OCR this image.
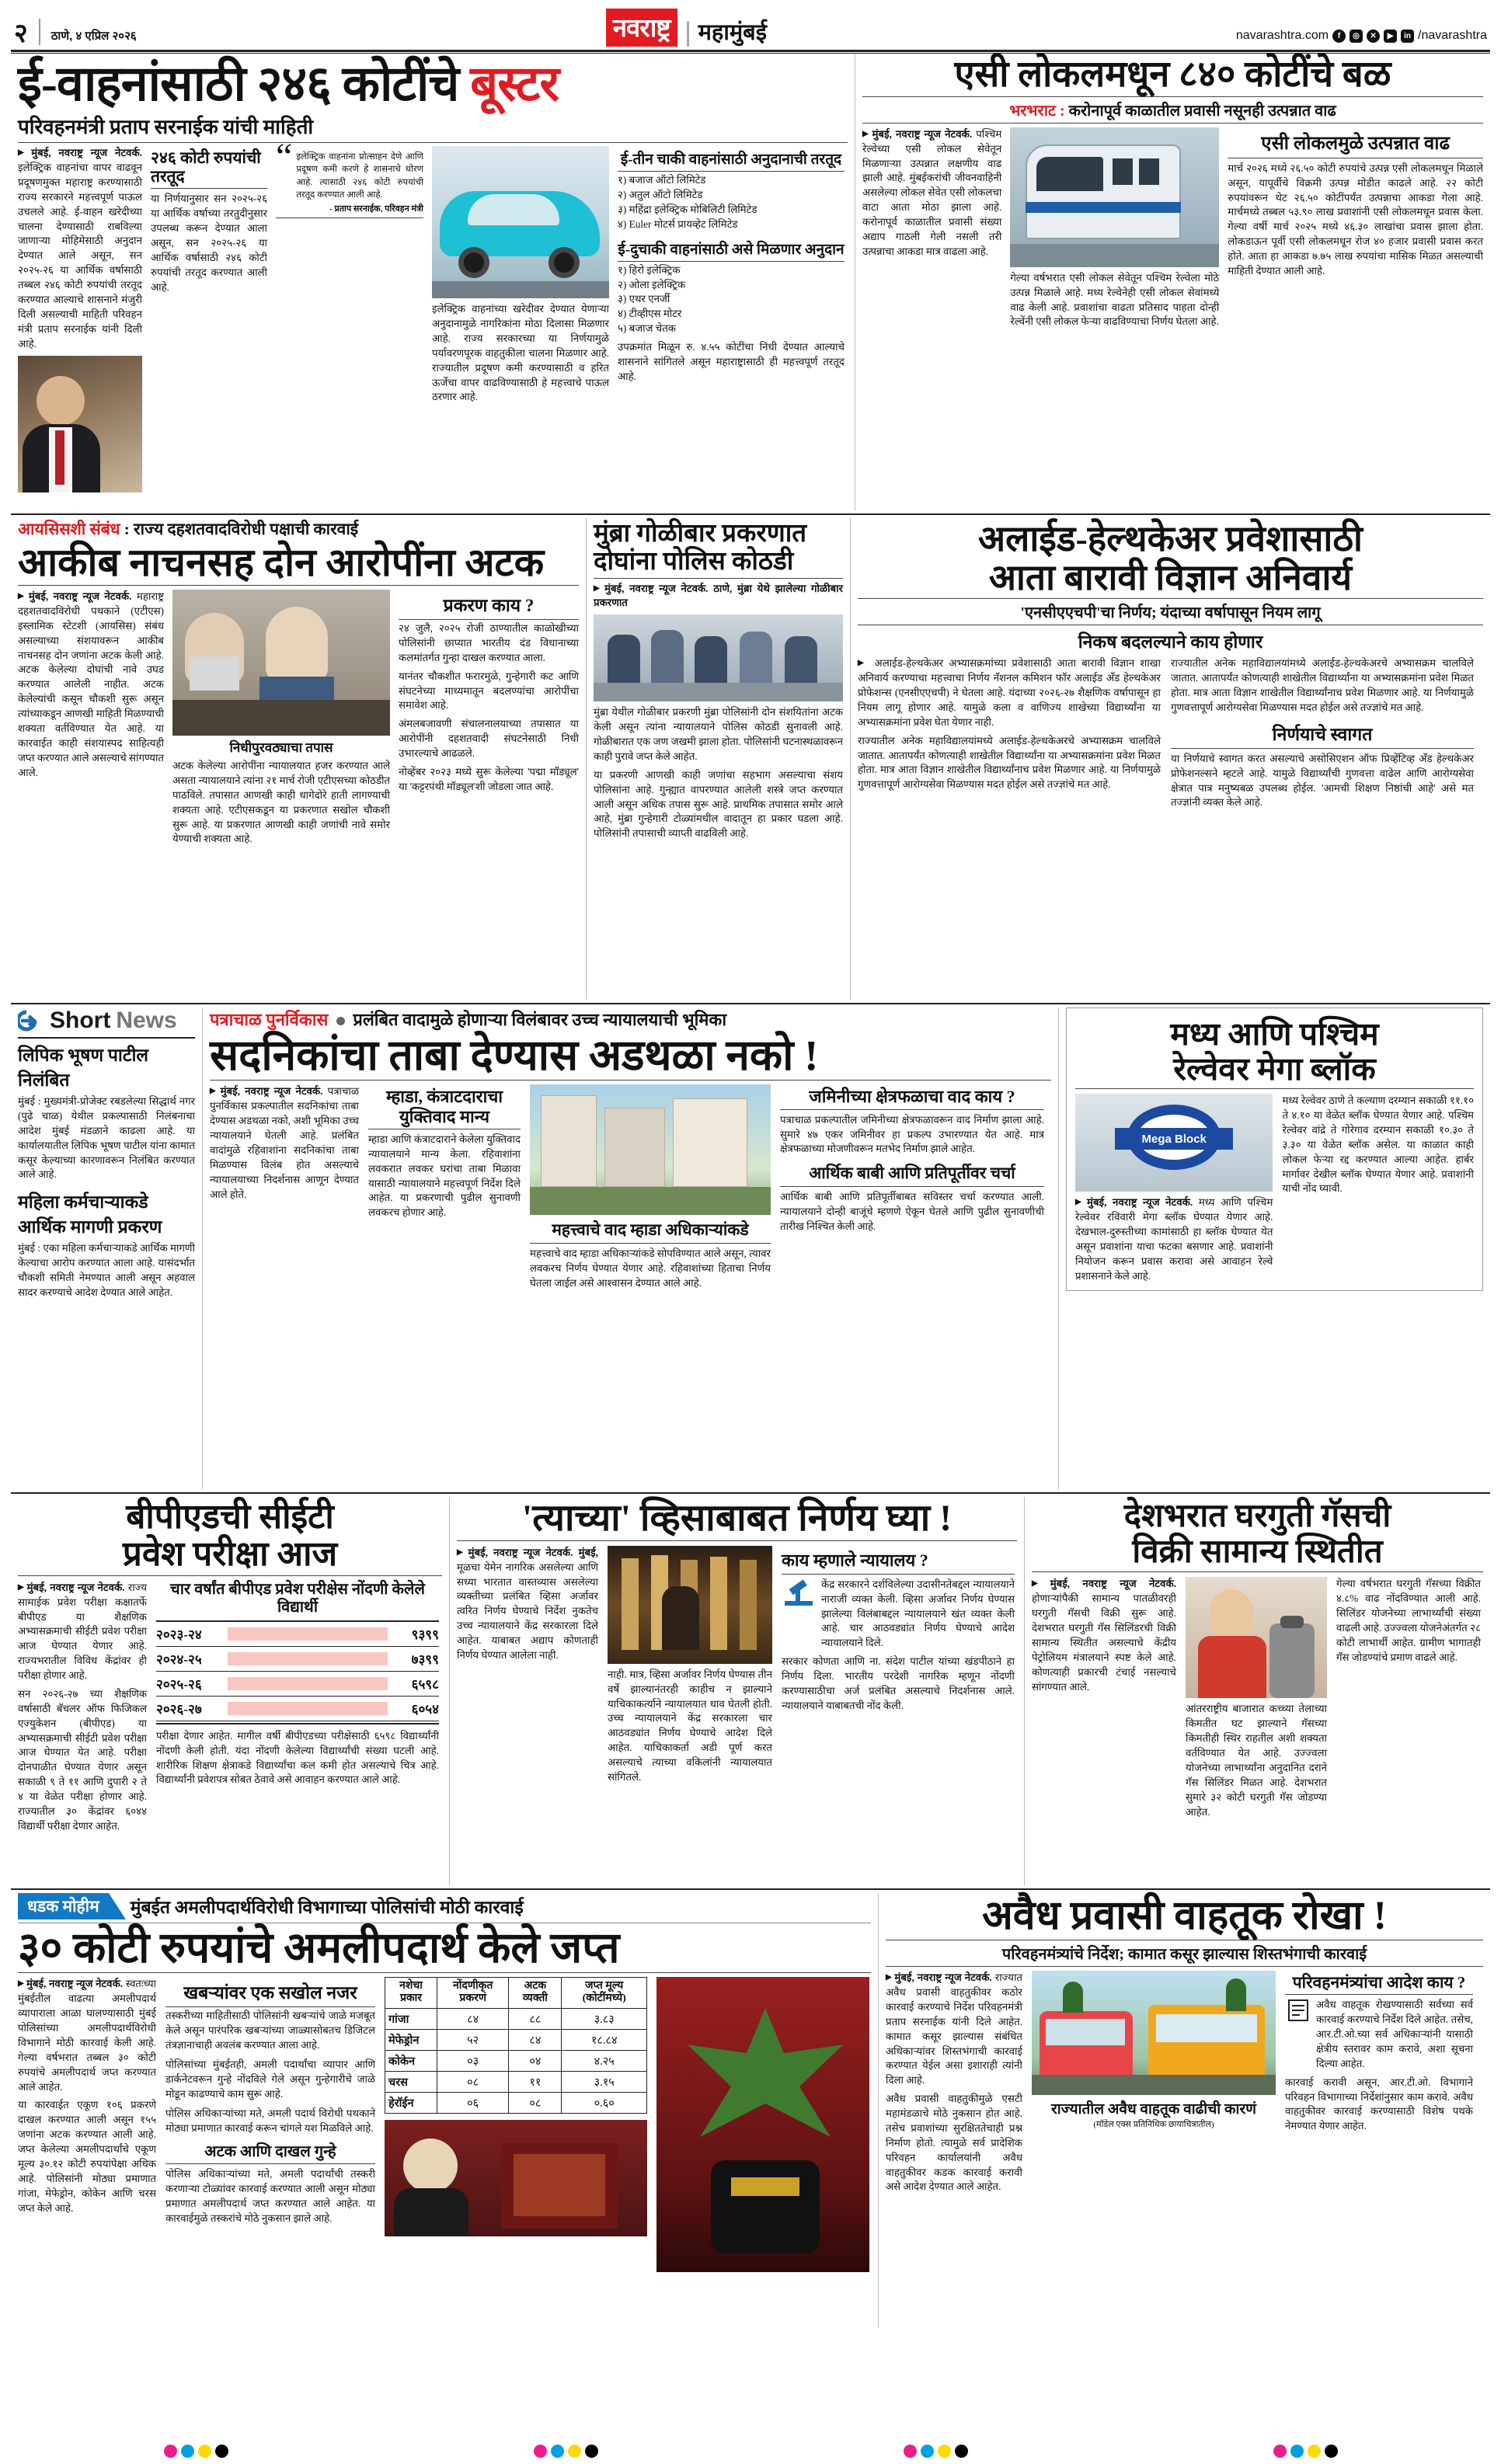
२ ठाणे, ४ एप्रिल २०२६	नवराष्ट्र	महामुंबई	navarashtra.com	f	◎	✕	▶	in /navarashtra
ई-वाहनांसाठी २४६ कोटींचे बूस्टर
परिवहनमंत्री प्रताप सरनाईक यांची माहिती

▶ मुंबई, नवराष्ट्र न्यूज नेटवर्क. इलेक्ट्रिक वाहनांचा वापर वाढवून प्रदूषणमुक्त महाराष्ट्र करण्यासाठी राज्य सरकारने महत्त्वपूर्ण पाऊल उचलले आहे. ई-वाहन खरेदीच्या चालना देण्यासाठी राबविल्या जाणाऱ्या मोहिमेसाठी अनुदान देण्यात आले असून, सन २०२५-२६ या आर्थिक वर्षासाठी तब्बल २४६ कोटी रुपयांची तरतूद करण्यात आल्याचे शासनाने मंजुरी दिली असल्याची माहिती परिवहन मंत्री प्रताप सरनाईक यांनी दिली आहे.

२४६ कोटी रुपयांची तरतूद

या निर्णयानुसार सन २०२५-२६ या आर्थिक वर्षाच्या तरतुदीनुसार उपलब्ध करून देण्यात आला असून, सन २०२५-२६ या आर्थिक वर्षासाठी २४६ कोटी रुपयांची तरतूद करण्यात आली आहे.

“ इलेक्ट्रिक वाहनांना प्रोत्साहन देणे आणि प्रदूषण कमी करणे हे शासनाचे धोरण आहे. त्यासाठी २४६ कोटी रुपयांची तरतूद करण्यात आली आहे.

- प्रताप सरनाईक, परिवहन मंत्री

इलेक्ट्रिक वाहनांच्या खरेदीवर देण्यात येणाऱ्या अनुदानामुळे नागरिकांना मोठा दिलासा मिळणार आहे. राज्य सरकारच्या या निर्णयामुळे पर्यावरणपूरक वाहतुकीला चालना मिळणार आहे. राज्यातील प्रदूषण कमी करण्यासाठी व हरित ऊर्जेचा वापर वाढविण्यासाठी हे महत्त्वाचे पाऊल ठरणार आहे.

ई-तीन चाकी वाहनांसाठी अनुदानाची तरतूद
१) बजाज ऑटो लिमिटेड
२) अतुल ऑटो लिमिटेड
३) महिंद्रा इलेक्ट्रिक मोबिलिटी लिमिटेड
४) Euler मोटर्स प्रायव्हेट लिमिटेड
ई-दुचाकी वाहनांसाठी असे मिळणार अनुदान
१) हिरो इलेक्ट्रिक
२) ओला इलेक्ट्रिक
३) एथर एनर्जी
४) टीव्हीएस मोटर
५) बजाज चेतक

उपक्रमांत मिळून रु. ४.५५ कोटींचा निधी देण्यात आल्याचे शासनाने सांगितले असून महाराष्ट्रासाठी ही महत्त्वपूर्ण तरतूद आहे.

एसी लोकलमधून ८४० कोटींचे बळ
भरभराट : करोनापूर्व काळातील प्रवासी नसूनही उत्पन्नात वाढ

▶ मुंबई, नवराष्ट्र न्यूज नेटवर्क. पश्चिम रेल्वेच्या एसी लोकल सेवेतून मिळणाऱ्या उत्पन्नात लक्षणीय वाढ झाली आहे. मुंबईकरांची जीवनवाहिनी असलेल्या लोकल सेवेत एसी लोकलचा वाटा आता मोठा झाला आहे. करोनापूर्व काळातील प्रवासी संख्या अद्याप गाठली गेली नसली तरी उत्पन्नाचा आकडा मात्र वाढला आहे.

गेल्या वर्षभरात एसी लोकल सेवेतून पश्चिम रेल्वेला मोठे उत्पन्न मिळाले आहे. मध्य रेल्वेनेही एसी लोकल सेवांमध्ये वाढ केली आहे. प्रवाशांचा वाढता प्रतिसाद पाहता दोन्ही रेल्वेंनी एसी लोकल फेऱ्या वाढविण्याचा निर्णय घेतला आहे.

एसी लोकलमुळे उत्पन्नात वाढ

मार्च २०२६ मध्ये २६.५० कोटी रुपयांचे उत्पन्न एसी लोकलमधून मिळाले असून, यापूर्वीचे विक्रमी उत्पन्न मोडीत काढले आहे. २२ कोटी रुपयांवरून थेट २६.५० कोटींपर्यंत उत्पन्नाचा आकडा गेला आहे. मार्चमध्ये तब्बल ५३.९० लाख प्रवाशांनी एसी लोकलमधून प्रवास केला. गेल्या वर्षी मार्च २०२५ मध्ये ४६.३० लाखांचा प्रवास झाला होता. लोकडाऊन पूर्वी एसी लोकलमधून रोज ४० हजार प्रवासी प्रवास करत होते. आता हा आकडा ७.७५ लाख रुपयांचा मासिक मिळत असल्याची माहिती देण्यात आली आहे.

आयसिसशी संबंध : राज्य दहशतवादविरोधी पक्षाची कारवाई
आकीब नाचनसह दोन आरोपींना अटक

▶ मुंबई, नवराष्ट्र न्यूज नेटवर्क. महाराष्ट्र दहशतवादविरोधी पथकाने (एटीएस) इस्लामिक स्टेटशी (आयसिस) संबंध असल्याच्या संशयावरून आकीब नाचनसह दोन जणांना अटक केली आहे. अटक केलेल्या दोघांची नावे उघड करण्यात आलेली नाहीत. अटक केलेल्यांची कसून चौकशी सुरू असून त्यांच्याकडून आणखी माहिती मिळण्याची शक्यता वर्तविण्यात येत आहे. या कारवाईत काही संशयास्पद साहित्यही जप्त करण्यात आले असल्याचे सांगण्यात आले.

निधीपुरवठ्याचा तपास

अटक केलेल्या आरोपींना न्यायालयात हजर करण्यात आले असता न्यायालयाने त्यांना २१ मार्च रोजी एटीएसच्या कोठडीत पाठविले. तपासात आणखी काही धागेदोरे हाती लागण्याची शक्यता आहे. एटीएसकडून या प्रकरणात सखोल चौकशी सुरू आहे. या प्रकरणात आणखी काही जणांची नावे समोर येण्याची शक्यता आहे.

प्रकरण काय ?
२४ जुलै, २०२५ रोजी ठाण्यातील काळोखीच्या पोलिसांनी छाप्यात भारतीय दंड विधानाच्या कलमांतर्गत गुन्हा दाखल करण्यात आला.
यानंतर चौकशीत फरारमुळे, गुन्हेगारी कट आणि संघटनेच्या माध्यमातून बदलण्यांचा आरोपींचा समावेश आहे.
अंमलबजावणी संचालनालयाच्या तपासात या आरोपींनी दहशतवादी संघटनेसाठी निधी उभारल्याचे आढळले.
नोव्हेंबर २०२३ मध्ये सुरू केलेल्या 'पद्मा मॉड्यूल' या 'कट्टरपंथी मॉड्यूल'शी जोडला जात आहे.
मुंब्रा गोळीबार प्रकरणात
दोघांना पोलिस कोठडी

▶ मुंबई, नवराष्ट्र न्यूज नेटवर्क. ठाणे, मुंब्रा येथे झालेल्या गोळीबार प्रकरणात

मुंब्रा येथील गोळीबार प्रकरणी मुंब्रा पोलिसांनी दोन संशयितांना अटक केली असून त्यांना न्यायालयाने पोलिस कोठडी सुनावली आहे. गोळीबारात एक जण जखमी झाला होता. पोलिसांनी घटनास्थळावरून काही पुरावे जप्त केले आहेत.

या प्रकरणी आणखी काही जणांचा सहभाग असल्याचा संशय पोलिसांना आहे. गुन्ह्यात वापरण्यात आलेली शस्त्रे जप्त करण्यात आली असून अधिक तपास सुरू आहे. प्राथमिक तपासात समोर आले आहे, मुंब्रा गुन्हेगारी टोळ्यांमधील वादातून हा प्रकार घडला आहे. पोलिसांनी तपासाची व्याप्ती वाढविली आहे.

अलाईड-हेल्थकेअर प्रवेशासाठी
आता बारावी विज्ञान अनिवार्य
'एनसीएएचपी'चा निर्णय; यंदाच्या वर्षापासून नियम लागू
निकष बदलल्याने काय होणार

▶ अलाईड-हेल्थकेअर अभ्यासक्रमांच्या प्रवेशासाठी आता बारावी विज्ञान शाखा अनिवार्य करण्याचा महत्त्वाचा निर्णय नॅशनल कमिशन फॉर अलाईड अँड हेल्थकेअर प्रोफेशन्स (एनसीएएचपी) ने घेतला आहे. यंदाच्या २०२६-२७ शैक्षणिक वर्षापासून हा नियम लागू होणार आहे. यामुळे कला व वाणिज्य शाखेच्या विद्यार्थ्यांना या अभ्यासक्रमांना प्रवेश घेता येणार नाही.

राज्यातील अनेक महाविद्यालयांमध्ये अलाईड-हेल्थकेअरचे अभ्यासक्रम चालविले जातात. आतापर्यंत कोणत्याही शाखेतील विद्यार्थ्यांना या अभ्यासक्रमांना प्रवेश मिळत होता. मात्र आता विज्ञान शाखेतील विद्यार्थ्यांनाच प्रवेश मिळणार आहे. या निर्णयामुळे गुणवत्तापूर्ण आरोग्यसेवा मिळण्यास मदत होईल असे तज्ज्ञांचे मत आहे.

राज्यातील अनेक महाविद्यालयांमध्ये अलाईड-हेल्थकेअरचे अभ्यासक्रम चालविले जातात. आतापर्यंत कोणत्याही शाखेतील विद्यार्थ्यांना या अभ्यासक्रमांना प्रवेश मिळत होता. मात्र आता विज्ञान शाखेतील विद्यार्थ्यांनाच प्रवेश मिळणार आहे. या निर्णयामुळे गुणवत्तापूर्ण आरोग्यसेवा मिळण्यास मदत होईल असे तज्ज्ञांचे मत आहे.

निर्णयाचे स्वागत

या निर्णयाचे स्वागत करत असल्याचे असोसिएशन ऑफ प्रिव्हेंटिव्ह अँड हेल्थकेअर प्रोफेशनल्सने म्हटले आहे. यामुळे विद्यार्थ्यांची गुणवत्ता वाढेल आणि आरोग्यसेवा क्षेत्रात पात्र मनुष्यबळ उपलब्ध होईल. 'आमची शिक्षण निष्ठांची आहे' असे मत तज्ज्ञांनी व्यक्त केले आहे.

Short News
लिपिक भूषण पाटील निलंबित

मुंबई : मुख्यमंत्री-प्रोजेक्ट रबडलेल्या सिद्धार्थ नगर (पुढे चाळ) येथील प्रकल्पासाठी निलंबनाचा आदेश मुंबई मंडळाने काढला आहे. या कार्यालयातील लिपिक भूषण पाटील यांना कामात कसूर केल्याच्या कारणावरून निलंबित करण्यात आले आहे.

महिला कर्मचाऱ्याकडे आर्थिक मागणी प्रकरण

मुंबई : एका महिला कर्मचाऱ्याकडे आर्थिक मागणी केल्याचा आरोप करण्यात आला आहे. यासंदर्भात चौकशी समिती नेमण्यात आली असून अहवाल सादर करण्याचे आदेश देण्यात आले आहेत.

पत्राचाळ पुनर्विकास प्रलंबित वादामुळे होणाऱ्या विलंबावर उच्च न्यायालयाची भूमिका
सदनिकांचा ताबा देण्यास अडथळा नको !

▶ मुंबई, नवराष्ट्र न्यूज नेटवर्क. पत्राचाळ पुनर्विकास प्रकल्पातील सदनिकांचा ताबा देण्यास अडथळा नको, अशी भूमिका उच्च न्यायालयाने घेतली आहे. प्रलंबित वादांमुळे रहिवाशांना सदनिकांचा ताबा मिळण्यास विलंब होत असल्याचे न्यायालयाच्या निदर्शनास आणून देण्यात आले होते.

म्हाडा, कंत्राटदाराचा युक्तिवाद मान्य

म्हाडा आणि कंत्राटदाराने केलेला युक्तिवाद न्यायालयाने मान्य केला. रहिवाशांना लवकरात लवकर घरांचा ताबा मिळावा यासाठी न्यायालयाने महत्त्वपूर्ण निर्देश दिले आहेत. या प्रकरणाची पुढील सुनावणी लवकरच होणार आहे.

महत्त्वाचे वाद म्हाडा अधिकाऱ्यांकडे

महत्त्वाचे वाद म्हाडा अधिकाऱ्यांकडे सोपविण्यात आले असून, त्यावर लवकरच निर्णय घेण्यात येणार आहे. रहिवाशांच्या हिताचा निर्णय घेतला जाईल असे आश्वासन देण्यात आले आहे.

जमिनीच्या क्षेत्रफळाचा वाद काय ?

पत्राचाळ प्रकल्पातील जमिनीच्या क्षेत्रफळावरून वाद निर्माण झाला आहे. सुमारे ४७ एकर जमिनीवर हा प्रकल्प उभारण्यात येत आहे. मात्र क्षेत्रफळाच्या मोजणीवरून मतभेद निर्माण झाले आहेत.

आर्थिक बाबी आणि प्रतिपूर्तीवर चर्चा

आर्थिक बाबी आणि प्रतिपूर्तीबाबत सविस्तर चर्चा करण्यात आली. न्यायालयाने दोन्ही बाजूंचे म्हणणे ऐकून घेतले आणि पुढील सुनावणीची तारीख निश्चित केली आहे.

मध्य आणि पश्चिम
रेल्वेवर मेगा ब्लॉक
Mega Block

▶ मुंबई, नवराष्ट्र न्यूज नेटवर्क. मध्य आणि पश्चिम रेल्वेवर रविवारी मेगा ब्लॉक घेण्यात येणार आहे. देखभाल-दुरुस्तीच्या कामांसाठी हा ब्लॉक घेण्यात येत असून प्रवाशांना याचा फटका बसणार आहे. प्रवाशांनी नियोजन करून प्रवास करावा असे आवाहन रेल्वे प्रशासनाने केले आहे.

मध्य रेल्वेवर ठाणे ते कल्याण दरम्यान सकाळी ११.१० ते ४.१० या वेळेत ब्लॉक घेण्यात येणार आहे. पश्चिम रेल्वेवर वांद्रे ते गोरेगाव दरम्यान सकाळी १०.३० ते ३.३० या वेळेत ब्लॉक असेल. या काळात काही लोकल फेऱ्या रद्द करण्यात आल्या आहेत. हार्बर मार्गावर देखील ब्लॉक घेण्यात येणार आहे. प्रवाशांनी याची नोंद घ्यावी.

बीपीएडची सीईटी
प्रवेश परीक्षा आज

▶ मुंबई, नवराष्ट्र न्यूज नेटवर्क. राज्य सामाईक प्रवेश परीक्षा कक्षातर्फे बीपीएड या शैक्षणिक अभ्यासक्रमाची सीईटी प्रवेश परीक्षा आज घेण्यात येणार आहे. राज्यभरातील विविध केंद्रांवर ही परीक्षा होणार आहे.

सन २०२६-२७ च्या शैक्षणिक वर्षासाठी बॅचलर ऑफ फिजिकल एज्युकेशन (बीपीएड) या अभ्यासक्रमाची सीईटी प्रवेश परीक्षा आज घेण्यात येत आहे. परीक्षा दोनपाळीत घेण्यात येणार असून सकाळी ९ ते ११ आणि दुपारी २ ते ४ या वेळेत परीक्षा होणार आहे. राज्यातील ३० केंद्रांवर ६०४४ विद्यार्थी परीक्षा देणार आहेत.

चार वर्षांत बीपीएड प्रवेश परीक्षेस नोंदणी केलेले विद्यार्थी
२०२३-२४	९३९९
२०२४-२५	७३९९
२०२५-२६	६५९८
२०२६-२७	६०५४

परीक्षा देणार आहेत. मागील वर्षी बीपीएडच्या परीक्षेसाठी ६५९८ विद्यार्थ्यांनी नोंदणी केली होती. यंदा नोंदणी केलेल्या विद्यार्थ्यांची संख्या घटली आहे. शारीरिक शिक्षण क्षेत्राकडे विद्यार्थ्यांचा कल कमी होत असल्याचे चित्र आहे. विद्यार्थ्यांनी प्रवेशपत्र सोबत ठेवावे असे आवाहन करण्यात आले आहे.

'त्याच्या' व्हिसाबाबत निर्णय घ्या !

▶ मुंबई, नवराष्ट्र न्यूज नेटवर्क. मुंबई, मूळचा येमेन नागरिक असलेल्या आणि सध्या भारतात वास्तव्यास असलेल्या व्यक्तीच्या प्रलंबित व्हिसा अर्जावर त्वरित निर्णय घेण्याचे निर्देश नुकतेच उच्च न्यायालयाने केंद्र सरकारला दिले आहेत. याबाबत अद्याप कोणताही निर्णय घेण्यात आलेला नाही.

नाही. मात्र, व्हिसा अर्जावर निर्णय घेण्यास तीन वर्षे झाल्यानंतरही काहीच न झाल्याने याचिकाकर्त्याने न्यायालयात धाव घेतली होती. उच्च न्यायालयाने केंद्र सरकारला चार आठवड्यांत निर्णय घेण्याचे आदेश दिले आहेत. याचिकाकर्ता अडी पूर्ण करत असल्याचे त्याच्या वकिलांनी न्यायालयात सांगितले.

काय म्हणाले न्यायालय ?

केंद्र सरकारने दर्शविलेल्या उदासीनतेबद्दल न्यायालयाने नाराजी व्यक्त केली. व्हिसा अर्जावर निर्णय घेण्यास झालेल्या विलंबाबद्दल न्यायालयाने खंत व्यक्त केली आहे. चार आठवड्यांत निर्णय घेण्याचे आदेश न्यायालयाने दिले.

सरकार कोणता आणि ना. संदेश पाटील यांच्या खंडपीठाने हा निर्णय दिला. भारतीय परदेशी नागरिक म्हणून नोंदणी करण्यासाठीचा अर्ज प्रलंबित असल्याचे निदर्शनास आले. न्यायालयाने याबाबतची नोंद केली.

देशभरात घरगुती गॅसची
विक्री सामान्य स्थितीत

▶ मुंबई, नवराष्ट्र न्यूज नेटवर्क. होणाऱ्यांपैकी सामान्य पातळीवरही घरगुती गॅसची विक्री सुरू आहे. देशभरात घरगुती गॅस सिलिंडरची विक्री सामान्य स्थितीत असल्याचे केंद्रीय पेट्रोलियम मंत्रालयाने स्पष्ट केले आहे. कोणत्याही प्रकारची टंचाई नसल्याचे सांगण्यात आले.

आंतरराष्ट्रीय बाजारात कच्च्या तेलाच्या किमतीत घट झाल्याने गॅसच्या किमतीही स्थिर राहतील अशी शक्यता वर्तविण्यात येत आहे. उज्ज्वला योजनेच्या लाभार्थ्यांना अनुदानित दराने गॅस सिलिंडर मिळत आहे. देशभरात सुमारे ३२ कोटी घरगुती गॅस जोडण्या आहेत.

गेल्या वर्षभरात घरगुती गॅसच्या विक्रीत ४.८% वाढ नोंदविण्यात आली आहे. सिलिंडर योजनेच्या लाभार्थ्यांची संख्या वाढली आहे. उज्ज्वला योजनेअंतर्गत २८ कोटी लाभार्थी आहेत. ग्रामीण भागातही गॅस जोडण्यांचे प्रमाण वाढले आहे.

धडक मोहीम	मुंबईत अमलीपदार्थविरोधी विभागाच्या पोलिसांची मोठी कारवाई
३० कोटी रुपयांचे अमलीपदार्थ केले जप्त

▶ मुंबई, नवराष्ट्र न्यूज नेटवर्क. स्वतःच्या मुंबईतील वाढत्या अमलीपदार्थ व्यापाराला आळा घालण्यासाठी मुंबई पोलिसांच्या अमलीपदार्थविरोधी विभागाने मोठी कारवाई केली आहे. गेल्या वर्षभरात तब्बल ३० कोटी रुपयांचे अमलीपदार्थ जप्त करण्यात आले आहेत.

या कारवाईत एकूण १०६ प्रकरणे दाखल करण्यात आली असून १५५ जणांना अटक करण्यात आली आहे. जप्त केलेल्या अमलीपदार्थांचे एकूण मूल्य ३०.१२ कोटी रुपयांपेक्षा अधिक आहे. पोलिसांनी मोठ्या प्रमाणात गांजा, मेफेड्रोन, कोकेन आणि चरस जप्त केले आहे.

खबऱ्यांवर एक सखोल नजर
तस्करीच्या माहितीसाठी पोलिसांनी खबऱ्यांचे जाळे मजबूत केले असून पारंपरिक खबऱ्यांच्या जाळ्यासोबतच डिजिटल तंत्रज्ञानाचाही अवलंब करण्यात आला आहे.
पोलिसांच्या मुंबईतही, अमली पदार्थांचा व्यापार आणि डार्कनेटवरून गुन्हे नोंदविले गेले असून गुन्हेगारीचे जाळे मोडून काढण्याचे काम सुरू आहे.
पोलिस अधिकाऱ्यांच्या मते, अमली पदार्थ विरोधी पथकाने मोठ्या प्रमाणात कारवाई करून चांगले यश मिळविले आहे.
अटक आणि दाखल गुन्हे

पोलिस अधिकाऱ्यांच्या मते, अमली पदार्थांची तस्करी करणाऱ्या टोळ्यांवर कारवाई करण्यात आली असून मोठ्या प्रमाणात अमलीपदार्थ जप्त करण्यात आले आहेत. या कारवाईमुळे तस्करांचे मोठे नुकसान झाले आहे.

नशेचा प्रकार	नोंदणीकृत प्रकरणं	अटक व्यक्ती	जप्त मूल्य (कोटींमध्ये)
गांजा	८४	८८	३.८३
मेफेड्रोन	५२	८४	१८.८४
कोकेन	०३	०४	४.२५
चरस	०८	११	३.१५
हेरॉईन	०६	०८	०.६०
अवैध प्रवासी वाहतूक रोखा !
परिवहनमंत्र्यांचे निर्देश; कामात कसूर झाल्यास शिस्तभंगाची कारवाई

▶ मुंबई, नवराष्ट्र न्यूज नेटवर्क. राज्यात अवैध प्रवासी वाहतुकीवर कठोर कारवाई करण्याचे निर्देश परिवहनमंत्री प्रताप सरनाईक यांनी दिले आहेत. कामात कसूर झाल्यास संबंधित अधिकाऱ्यांवर शिस्तभंगाची कारवाई करण्यात येईल असा इशाराही त्यांनी दिला आहे.

अवैध प्रवासी वाहतुकीमुळे एसटी महामंडळाचे मोठे नुकसान होत आहे. तसेच प्रवाशांच्या सुरक्षिततेचाही प्रश्न निर्माण होतो. त्यामुळे सर्व प्रादेशिक परिवहन कार्यालयांनी अवैध वाहतुकीवर कडक कारवाई करावी असे आदेश देण्यात आले आहेत.

राज्यातील अवैध वाहतूक वाढीची कारणं
(मॉडेल एक्स प्रतिनिधिक छायाचित्रातील)
परिवहनमंत्र्यांचा आदेश काय ?

अवैध वाहतूक रोखण्यासाठी सर्वच्या सर्व कारवाई करण्याचे निर्देश दिले आहेत. तसेच, आर.टी.ओ.च्या सर्व अधिकाऱ्यांनी यासाठी क्षेत्रीय स्तरावर काम करावे, अशा सूचना दिल्या आहेत.

कारवाई करावी असून, आर.टी.ओ. विभागाने परिवहन विभागाच्या निर्देशांनुसार काम करावे. अवैध वाहतुकीवर कारवाई करण्यासाठी विशेष पथके नेमण्यात येणार आहेत.
